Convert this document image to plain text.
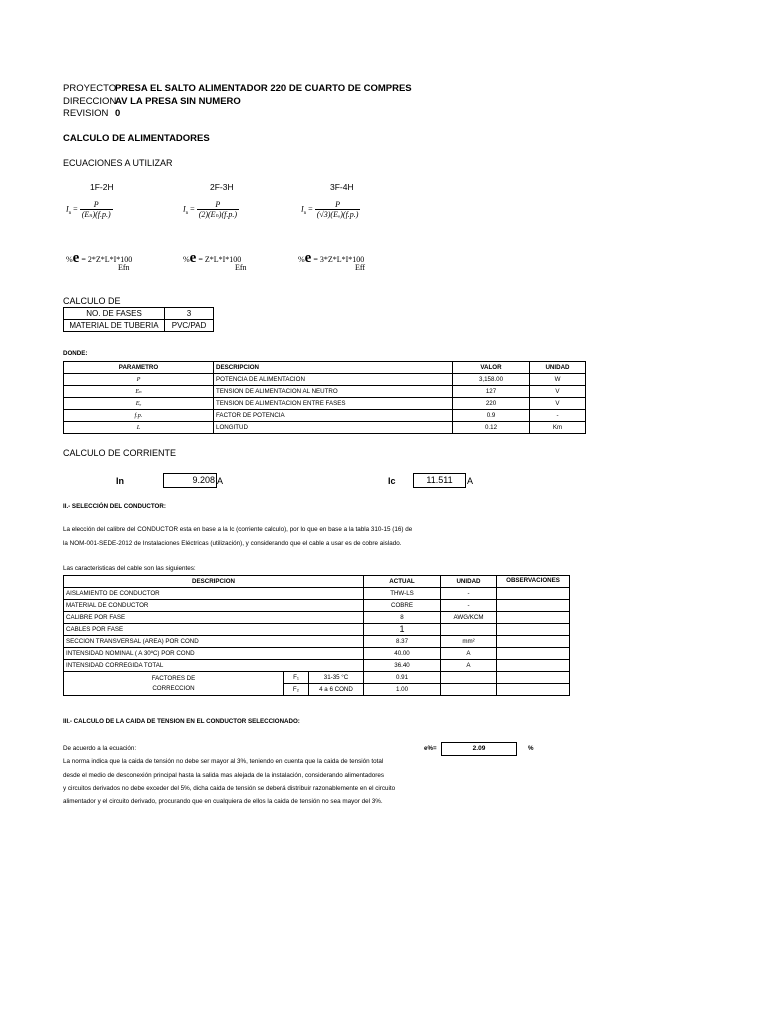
PROYECTO
PRESA EL SALTO ALIMENTADOR 220 DE CUARTO DE COMPRES
DIRECCION
AV LA PRESA SIN NUMERO
REVISION 0
CALCULO DE ALIMENTADORES
ECUACIONES A UTILIZAR
1F-2H	2F-3H	3F-4H
$I_n = \frac{P}{\text{(Eₙ)(f.p.)}}$	$I_n = \frac{P}{\text{(2)(Eₙ)(f.p.)}}$	$I_n = \frac{P}{\text{(√3)(Eₒ)(f.p.)}}$
%e = 2*Z*L*I*100
Efn
%e = Z*L*I*100
Efn
%e = 3*Z*L*I*100
Eff
CALCULO DE
NO. DE FASES	3
MATERIAL DE TUBERIA	PVC/PAD
DONDE:
PARAMETRO	DESCRIPCION	VALOR	UNIDAD
P	POTENCIA DE ALIMENTACION	3,158.00	W
Eₙ	TENSION DE ALIMENTACION AL NEUTRO	127	V
Eₒ	TENSION DE ALIMENTACION ENTRE FASES	220	V
f.p.	FACTOR DE POTENCIA	0.9	-
L	LONGITUD	0.12	Km
CALCULO DE CORRIENTE
In	9.208 A	Ic	11.511	A
II.- SELECCIÓN DEL CONDUCTOR:
La elección del calibre del CONDUCTOR esta en base a la Ic (corriente calculo), por lo que en base a la tabla 310-15 (16) de
la NOM-001-SEDE-2012 de Instalaciones Eléctricas (utilización), y considerando que el cable a usar es de cobre aislado.
Las caracteristicas del cable son las siguientes:
DESCRIPCION			ACTUAL	UNIDAD	OBSERVACIONES
AISLAMIENTO DE CONDUCTOR			THW-LS	-	
MATERIAL DE CONDUCTOR			COBRE	-	
CALIBRE POR FASE			8	AWG/KCM	
CABLES POR FASE			1		
SECCION TRANSVERSAL (AREA) POR COND			8.37	mm²	
INTENSIDAD NOMINAL ( A 30ºC) POR COND			40.00	A	
INTENSIDAD CORREGIDA TOTAL			36.40	A	
FACTORES DE
CORRECCION	F₁	31-35 °C	0.91		
	F₂	4 a 6 COND	1.00		
III.- CALCULO DE LA CAIDA DE TENSION EN EL CONDUCTOR SELECCIONADO:
De acuerdo a la ecuación:	e%=	2.09	%
La norma indica que la caida de tensión no debe ser mayor al 3%, teniendo en cuenta que la caida de tensión total
desde el medio de desconexión principal hasta la salida mas alejada de la instalación, considerando alimentadores
y circuitos derivados no debe exceder del 5%, dicha caida de tensión se deberá distribuir razonablemente en el circuito
alimentador y el circuito derivado, procurando que en cualquiera de ellos la caida de tensión no sea mayor del 3%.
